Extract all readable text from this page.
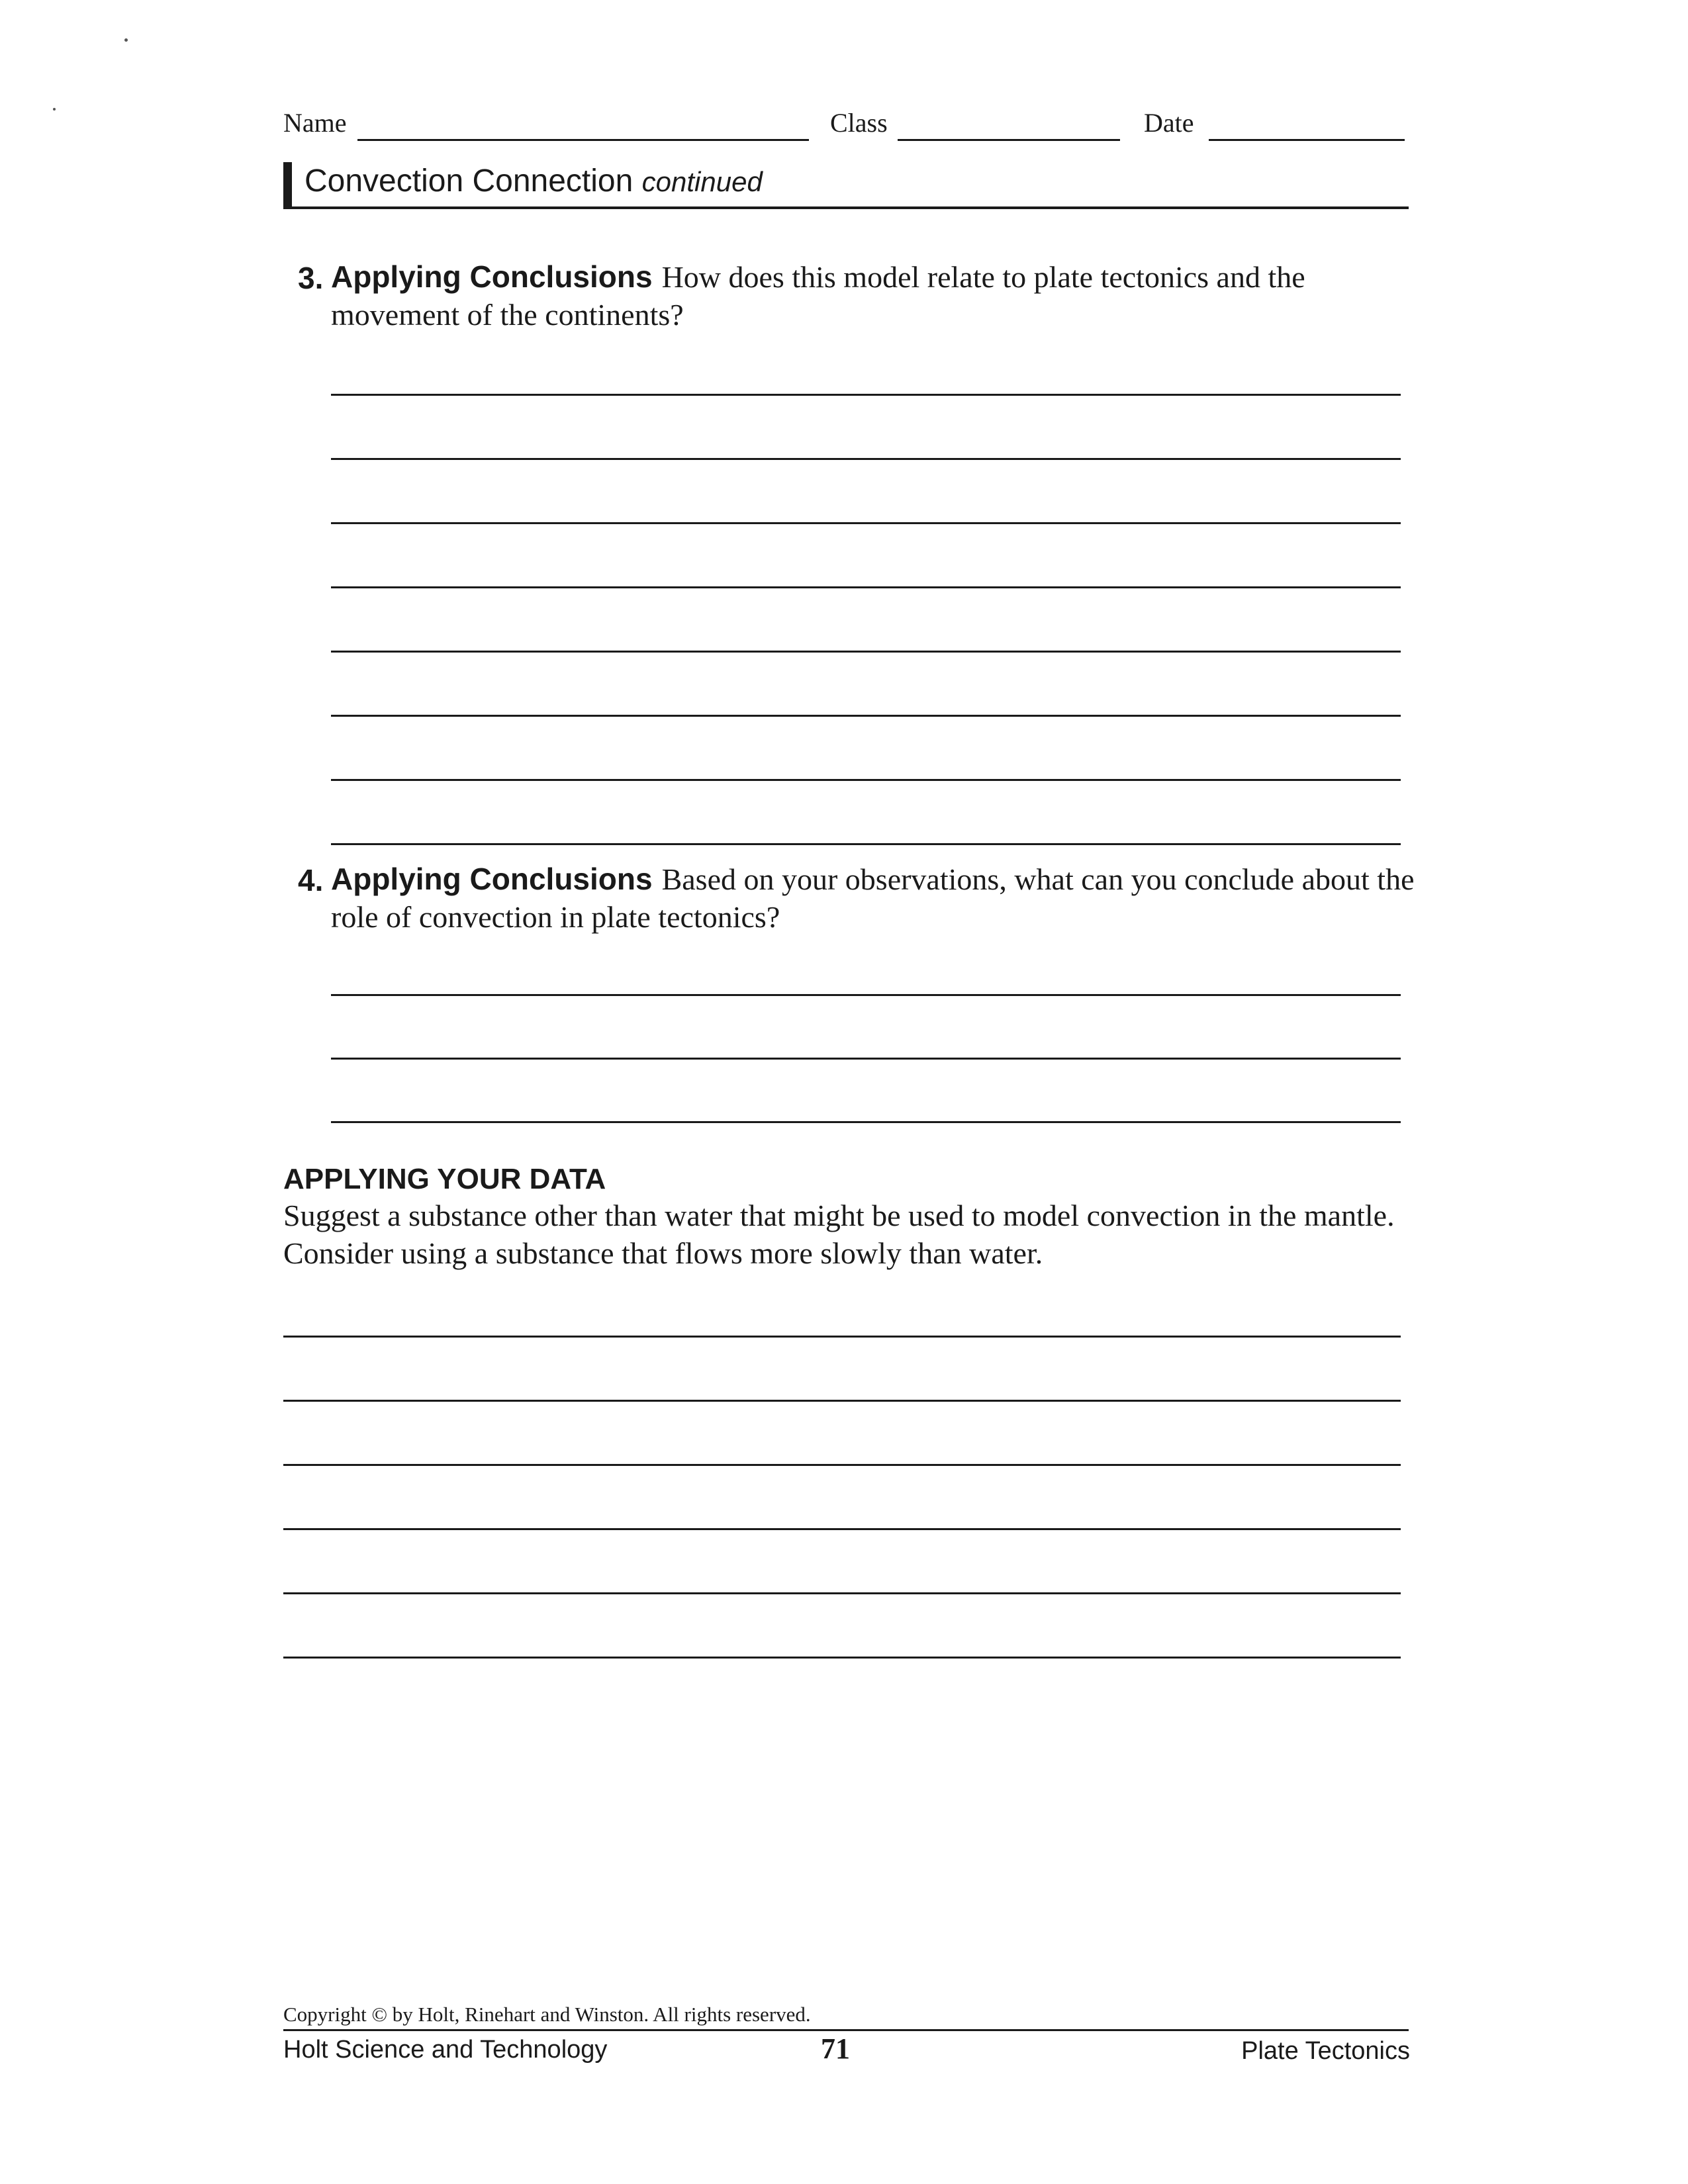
Name	Class	Date
Convection Connection continued
3. Applying Conclusions How does this model relate to plate tectonics and the movement of the continents?
4. Applying Conclusions Based on your observations, what can you conclude about the role of convection in plate tectonics?
APPLYING YOUR DATA
Suggest a substance other than water that might be used to model convection in the mantle. Consider using a substance that flows more slowly than water.
Copyright © by Holt, Rinehart and Winston. All rights reserved.
Holt Science and Technology	71	Plate Tectonics
